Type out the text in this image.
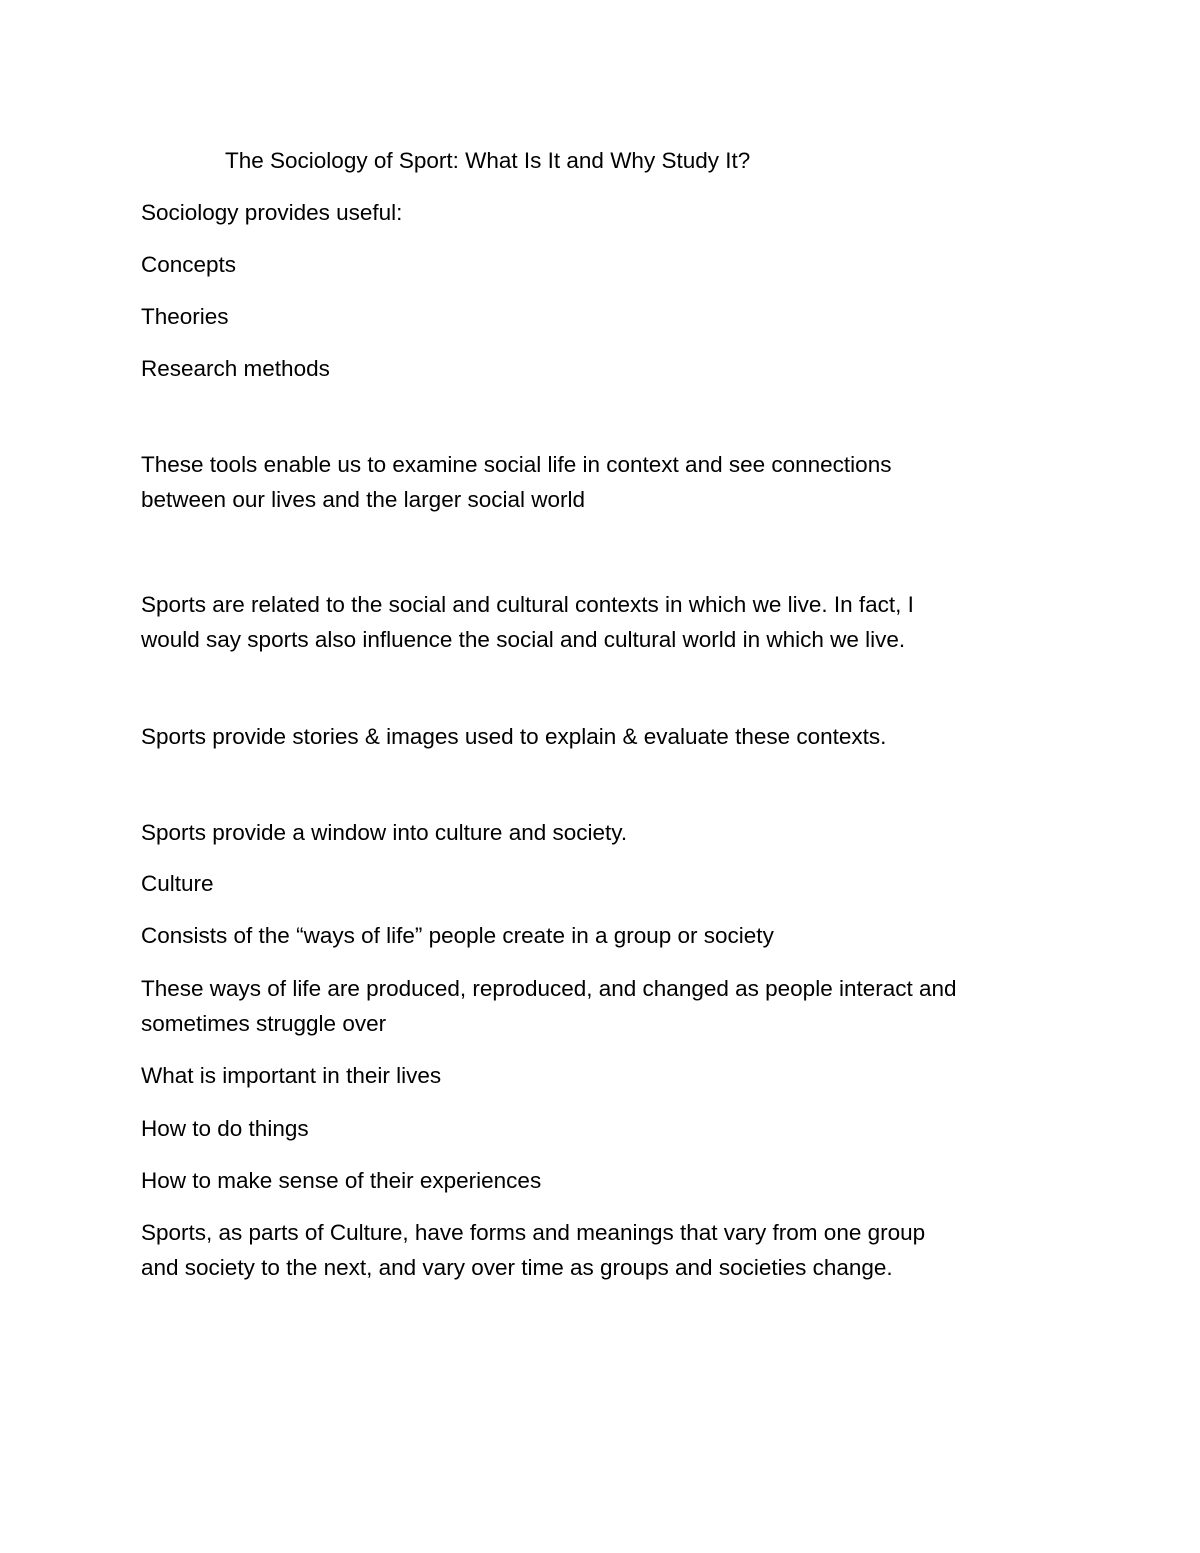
The Sociology of Sport: What Is It and Why Study It?

Sociology provides useful:

Concepts

Theories

Research methods

These tools enable us to examine social life in context and see connections

between our lives and the larger social world

Sports are related to the social and cultural contexts in which we live. In fact, I

would say sports also influence the social and cultural world in which we live.

Sports provide stories & images used to explain & evaluate these contexts.

Sports provide a window into culture and society.

Culture

Consists of the “ways of life” people create in a group or society

These ways of life are produced, reproduced, and changed as people interact and

sometimes struggle over

What is important in their lives

How to do things

How to make sense of their experiences

Sports, as parts of Culture, have forms and meanings that vary from one group

and society to the next, and vary over time as groups and societies change.
